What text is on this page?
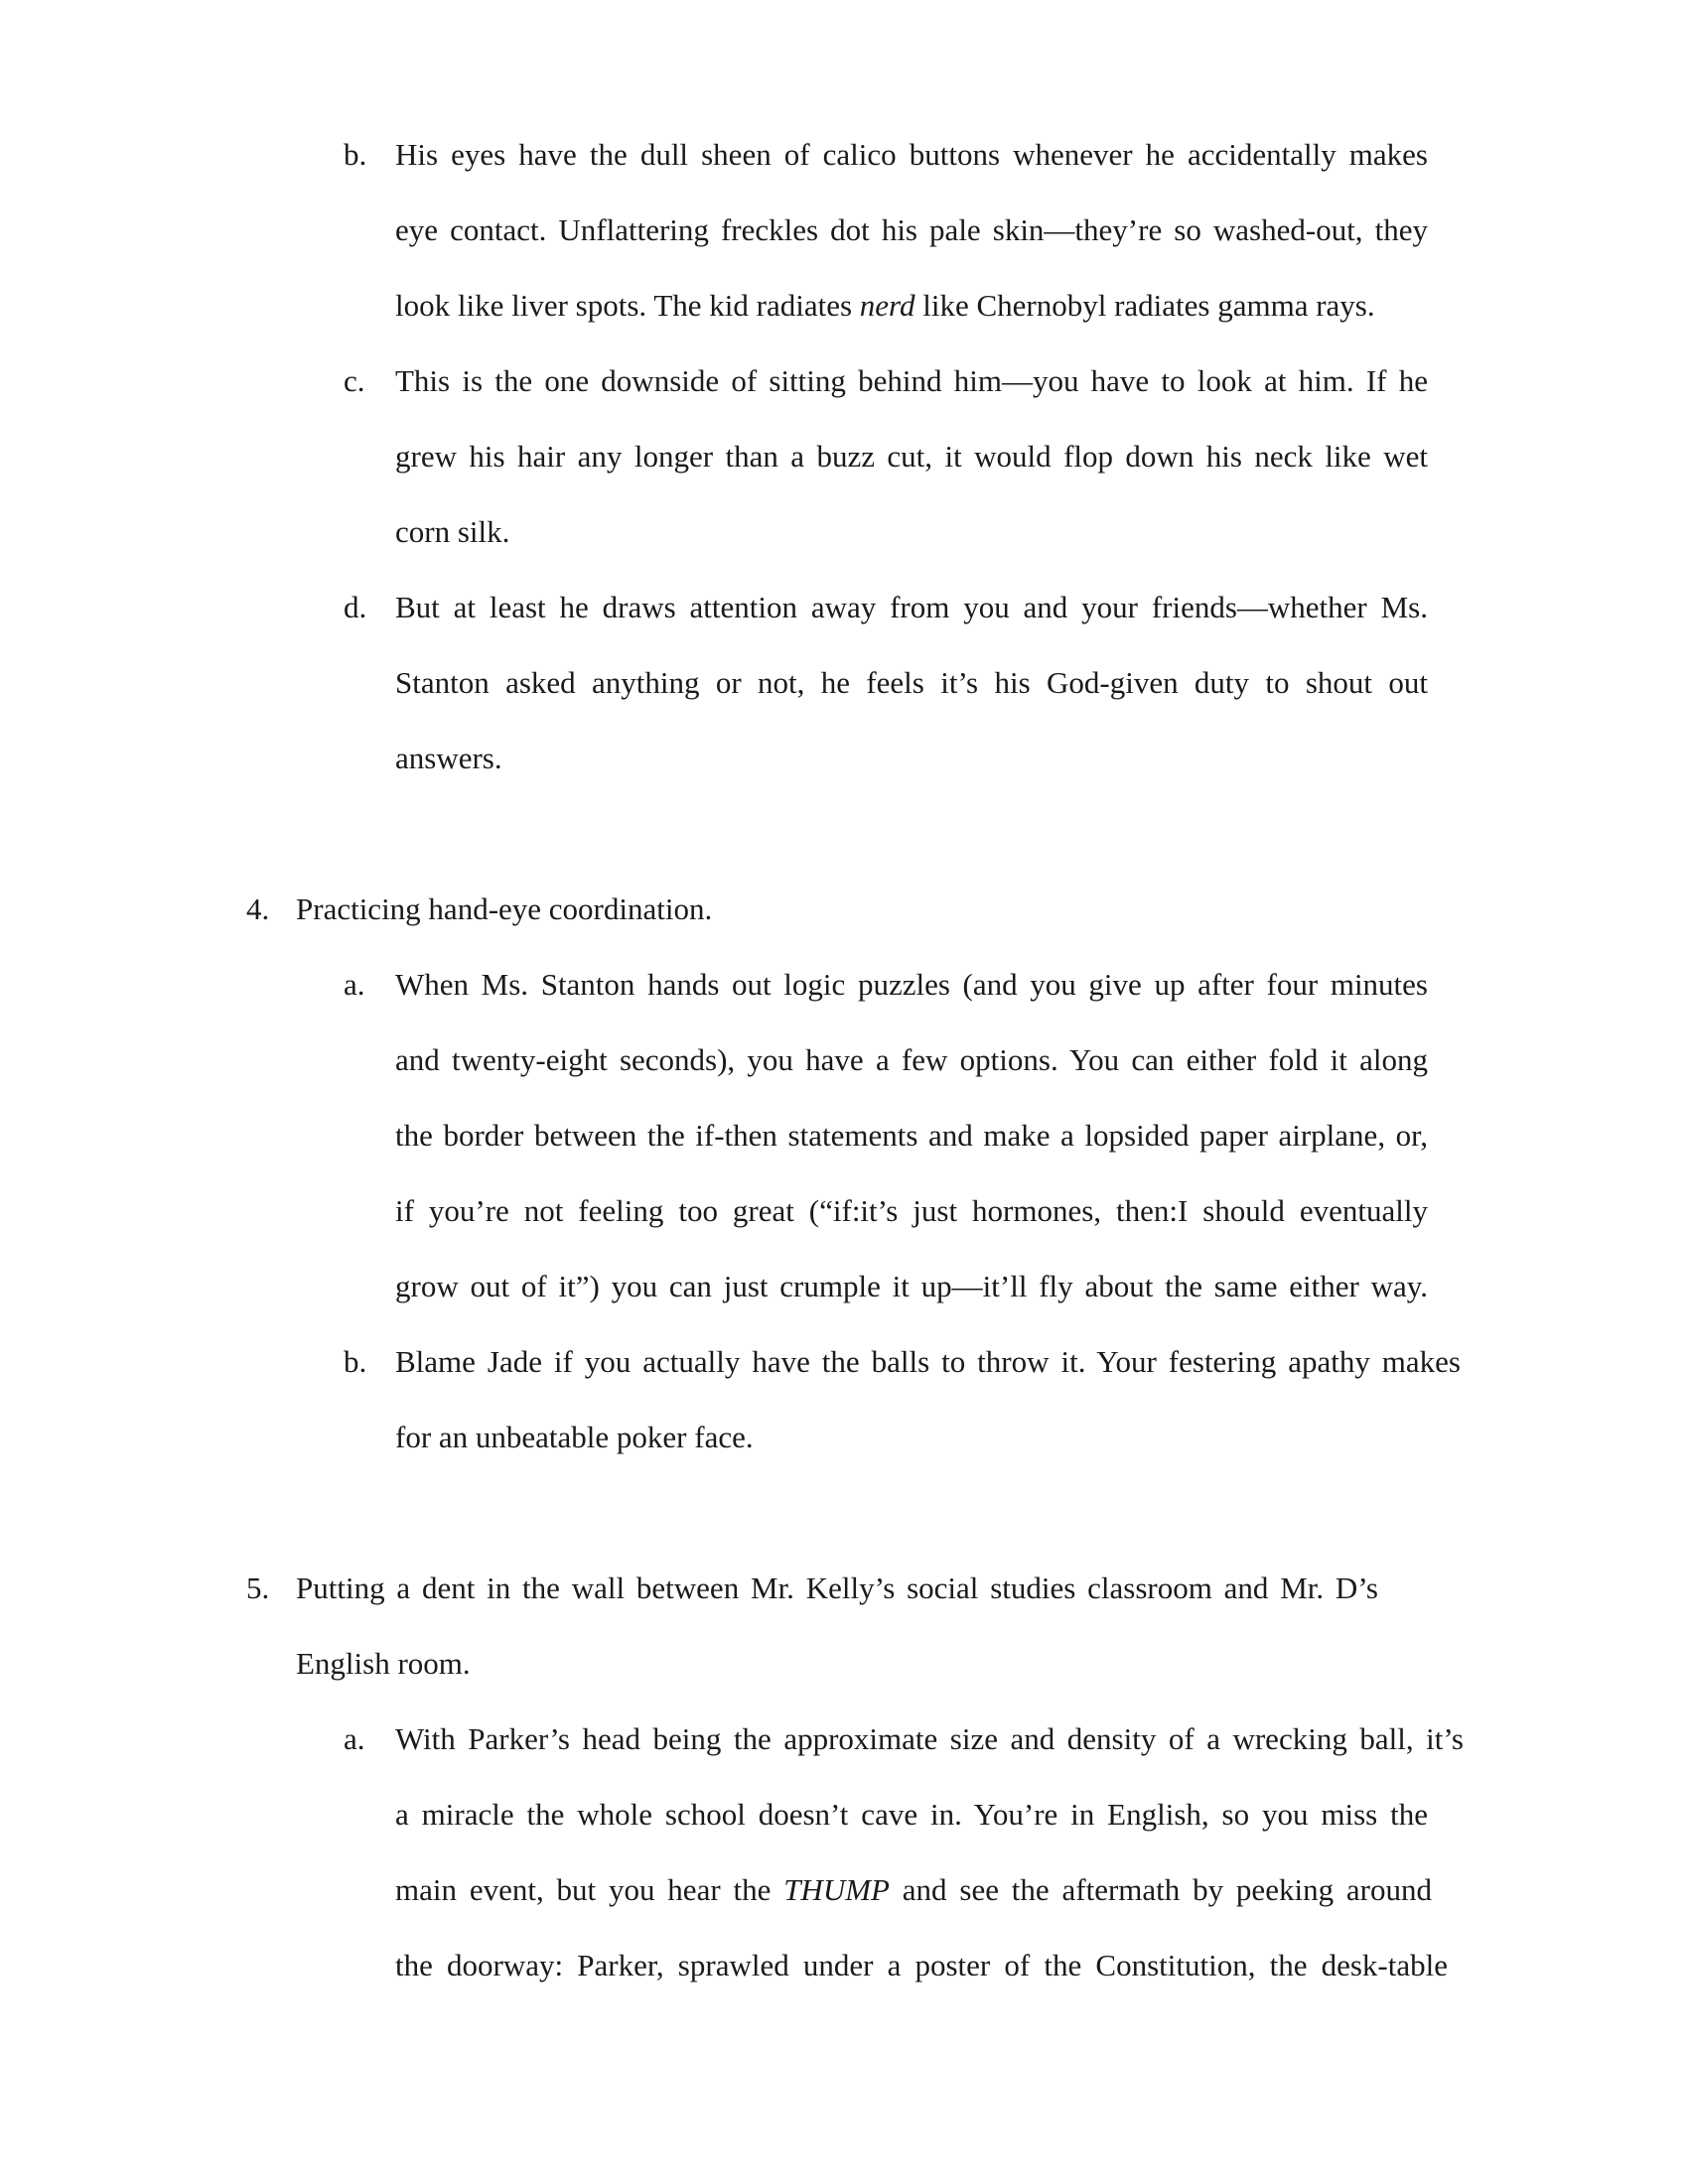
b. His eyes have the dull sheen of calico buttons whenever he accidentally makes
eye contact. Unflattering freckles dot his pale skin—they’re so washed-out, they
look like liver spots. The kid radiates nerd like Chernobyl radiates gamma rays.
c. This is the one downside of sitting behind him—you have to look at him. If he
grew his hair any longer than a buzz cut, it would flop down his neck like wet
corn silk.
d. But at least he draws attention away from you and your friends—whether Ms.
Stanton asked anything or not, he feels it’s his God-given duty to shout out
answers.
4. Practicing hand-eye coordination.
a. When Ms. Stanton hands out logic puzzles (and you give up after four minutes
and twenty-eight seconds), you have a few options. You can either fold it along
the border between the if-then statements and make a lopsided paper airplane, or,
if you’re not feeling too great (“if:it’s just hormones, then:I should eventually
grow out of it”) you can just crumple it up—it’ll fly about the same either way.
b. Blame Jade if you actually have the balls to throw it. Your festering apathy makes
for an unbeatable poker face.
5. Putting a dent in the wall between Mr. Kelly’s social studies classroom and Mr. D’s
English room.
a. With Parker’s head being the approximate size and density of a wrecking ball, it’s
a miracle the whole school doesn’t cave in. You’re in English, so you miss the
main event, but you hear the THUMP and see the aftermath by peeking around
the doorway: Parker, sprawled under a poster of the Constitution, the desk-table
